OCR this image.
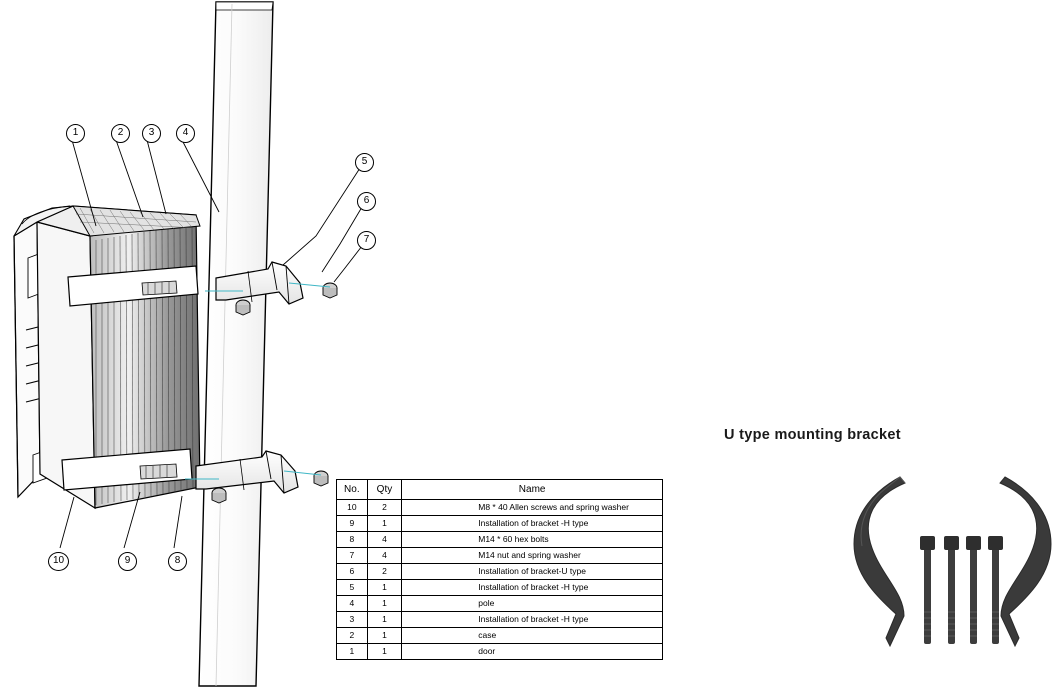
1	2	3	4
5
6
7
8
9
10
No.	Qty	Name
10	2	M8 * 40 Allen screws and spring washer
9	1	Installation of bracket -H type
8	4	M14 * 60 hex bolts
7	4	M14 nut and spring washer
6	2	Installation of bracket-U type
5	1	Installation of bracket -H type
4	1	pole
3	1	Installation of bracket -H type
2	1	case
1	1	door
U type mounting bracket
